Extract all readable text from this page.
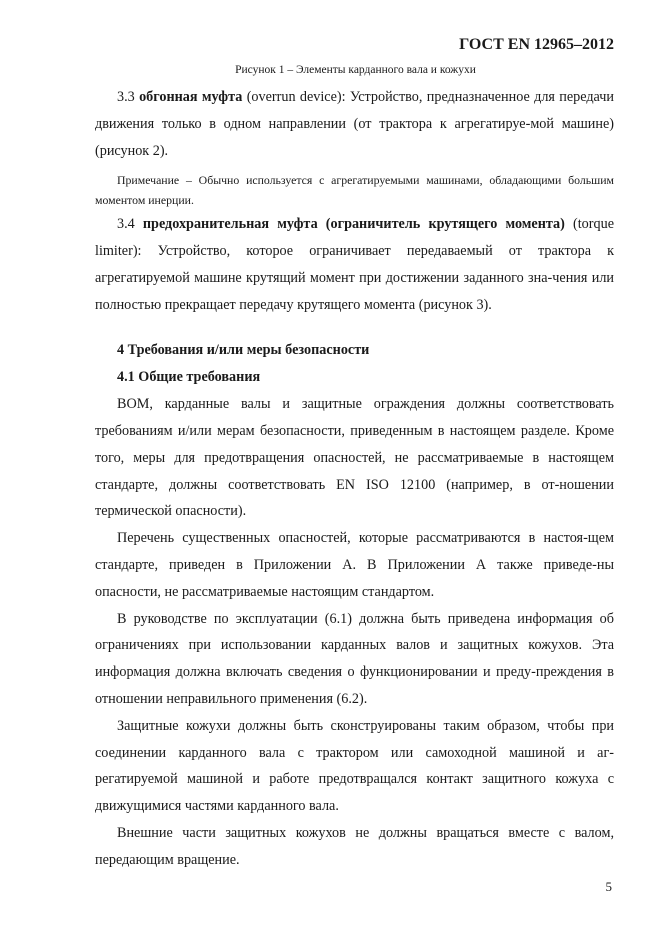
ГОСТ EN 12965–2012
Рисунок 1 – Элементы карданного вала и кожухи

3.3 обгонная муфта (overrun device): Устройство, предназначенное для передачи движения только в одном направлении (от трактора к агрегатируе-мой машине) (рисунок 2).

Примечание – Обычно используется с агрегатируемыми машинами, обладающими большим моментом инерции.

3.4 предохранительная муфта (ограничитель крутящего момента) (torque limiter): Устройство, которое ограничивает передаваемый от трактора к агрегатируемой машине крутящий момент при достижении заданного зна-чения или полностью прекращает передачу крутящего момента (рисунок 3).

4 Требования и/или меры безопасности

4.1 Общие требования

ВОМ, карданные валы и защитные ограждения должны соответствовать требованиям и/или мерам безопасности, приведенным в настоящем разделе. Кроме того, меры для предотвращения опасностей, не рассматриваемые в настоящем стандарте, должны соответствовать EN ISO 12100 (например, в от-ношении термической опасности).

Перечень существенных опасностей, которые рассматриваются в настоя-щем стандарте, приведен в Приложении А. В Приложении А также приведе-ны опасности, не рассматриваемые настоящим стандартом.

В руководстве по эксплуатации (6.1) должна быть приведена информация об ограничениях при использовании карданных валов и защитных кожухов. Эта информация должна включать сведения о функционировании и преду-преждения в отношении неправильного применения (6.2).

Защитные кожухи должны быть сконструированы таким образом, чтобы при соединении карданного вала с трактором или самоходной машиной и аг-регатируемой машиной и работе предотвращался контакт защитного кожуха с движущимися частями карданного вала.

Внешние части защитных кожухов не должны вращаться вместе с валом, передающим вращение.

5
